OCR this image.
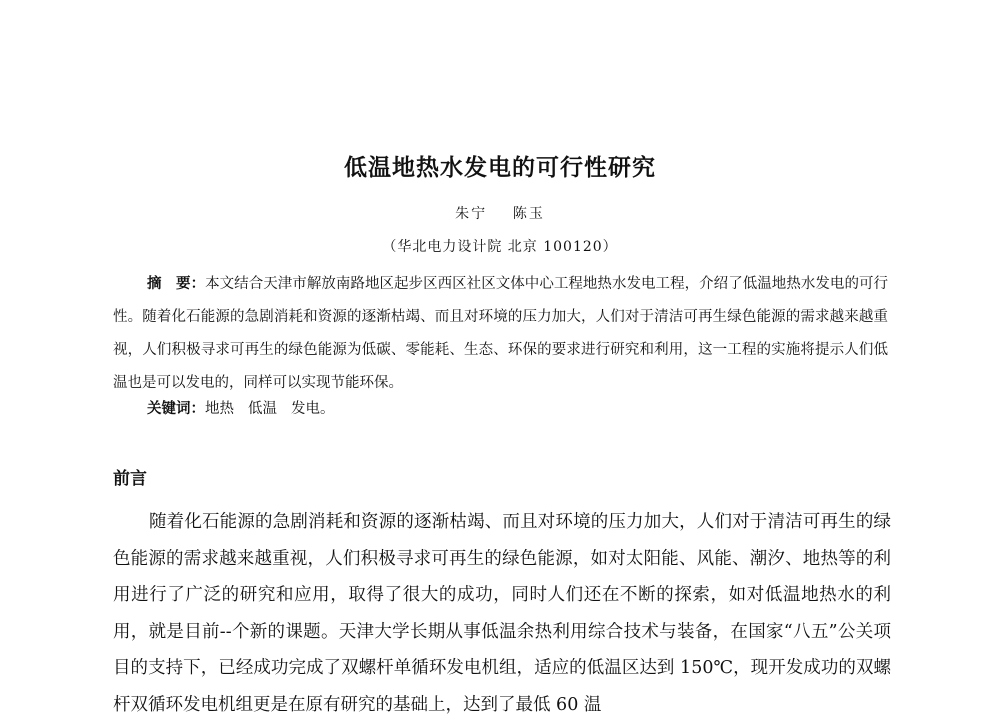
低温地热水发电的可行性研究
朱宁 陈玉
（华北电力设计院 北京 100120）
摘　要：本文结合天津市解放南路地区起步区西区社区文体中心工程地热水发电工程，介绍了低温地热水发电的可行性。随着化石能源的急剧消耗和资源的逐渐枯竭、而且对环境的压力加大，人们对于清洁可再生绿色能源的需求越来越重视，人们积极寻求可再生的绿色能源为低碳、零能耗、生态、环保的要求进行研究和利用，这一工程的实施将提示人们低温也是可以发电的，同样可以实现节能环保。
关键词：地热 低温 发电。
前言
随着化石能源的急剧消耗和资源的逐渐枯竭、而且对环境的压力加大，人们对于清洁可再生的绿色能源的需求越来越重视，人们积极寻求可再生的绿色能源，如对太阳能、风能、潮汐、地热等的利用进行了广泛的研究和应用，取得了很大的成功，同时人们还在不断的探索，如对低温地热水的利用，就是目前--个新的课题。天津大学长期从事低温余热利用综合技术与装备，在国家“八五”公关项目的支持下，已经成功完成了双螺杆单循环发电机组，适应的低温区达到 150℃，现开发成功的双螺杆双循环发电机组更是在原有研究的基础上，达到了最低 60 温
